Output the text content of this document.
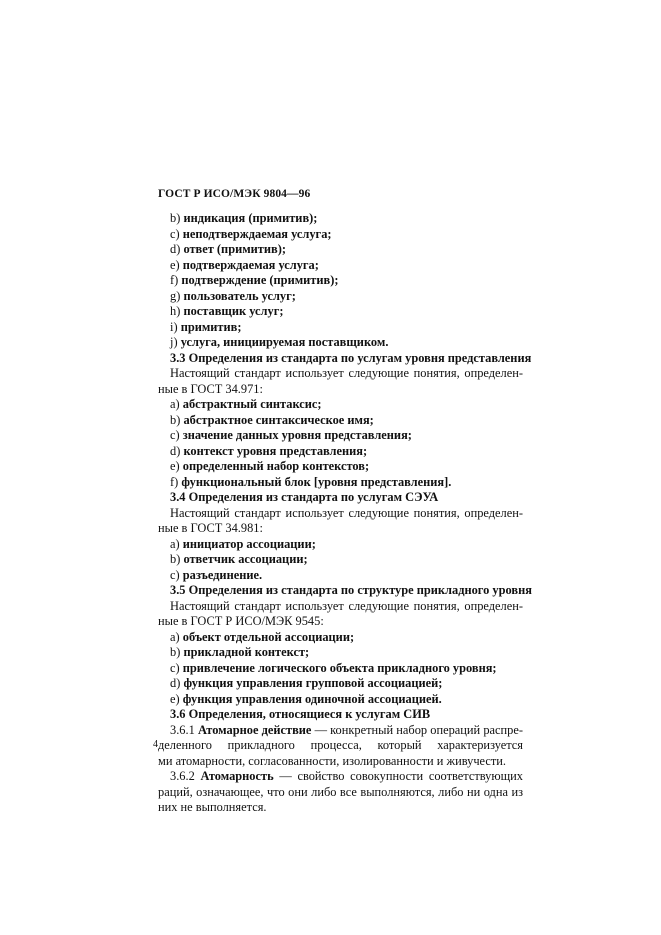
ГОСТ Р ИСО/МЭК 9804—96
b) индикация (примитив);
c) неподтверждаемая услуга;
d) ответ (примитив);
e) подтверждаемая услуга;
f) подтверждение (примитив);
g) пользователь услуг;
h) поставщик услуг;
i) примитив;
j) услуга, инициируемая поставщиком.
3.3 Определения из стандарта по услугам уровня представления
Настоящий стандарт использует следующие понятия, определен-
ные в ГОСТ 34.971:
a) абстрактный синтаксис;
b) абстрактное синтаксическое имя;
c) значение данных уровня представления;
d) контекст уровня представления;
e) определенный набор контекстов;
f) функциональный блок [уровня представления].
3.4 Определения из стандарта по услугам СЭУА
Настоящий стандарт использует следующие понятия, определен-
ные в ГОСТ 34.981:
a) инициатор ассоциации;
b) ответчик ассоциации;
c) разъединение.
3.5 Определения из стандарта по структуре прикладного уровня
Настоящий стандарт использует следующие понятия, определен-
ные в ГОСТ Р ИСО/МЭК 9545:
a) объект отдельной ассоциации;
b) прикладной контекст;
c) привлечение логического объекта прикладного уровня;
d) функция управления групповой ассоциацией;
e) функция управления одиночной ассоциацией.
3.6 Определения, относящиеся к услугам СИВ
3.6.1 Атомарное действие — конкретный набор операций распре-
деленного прикладного процесса, который характеризуется
ми атомарности, согласованности, изолированности и живучести.
3.6.2 Атомарность — свойство совокупности соответствующих
раций, означающее, что они либо все выполняются, либо ни одна из
них не выполняется.
4
